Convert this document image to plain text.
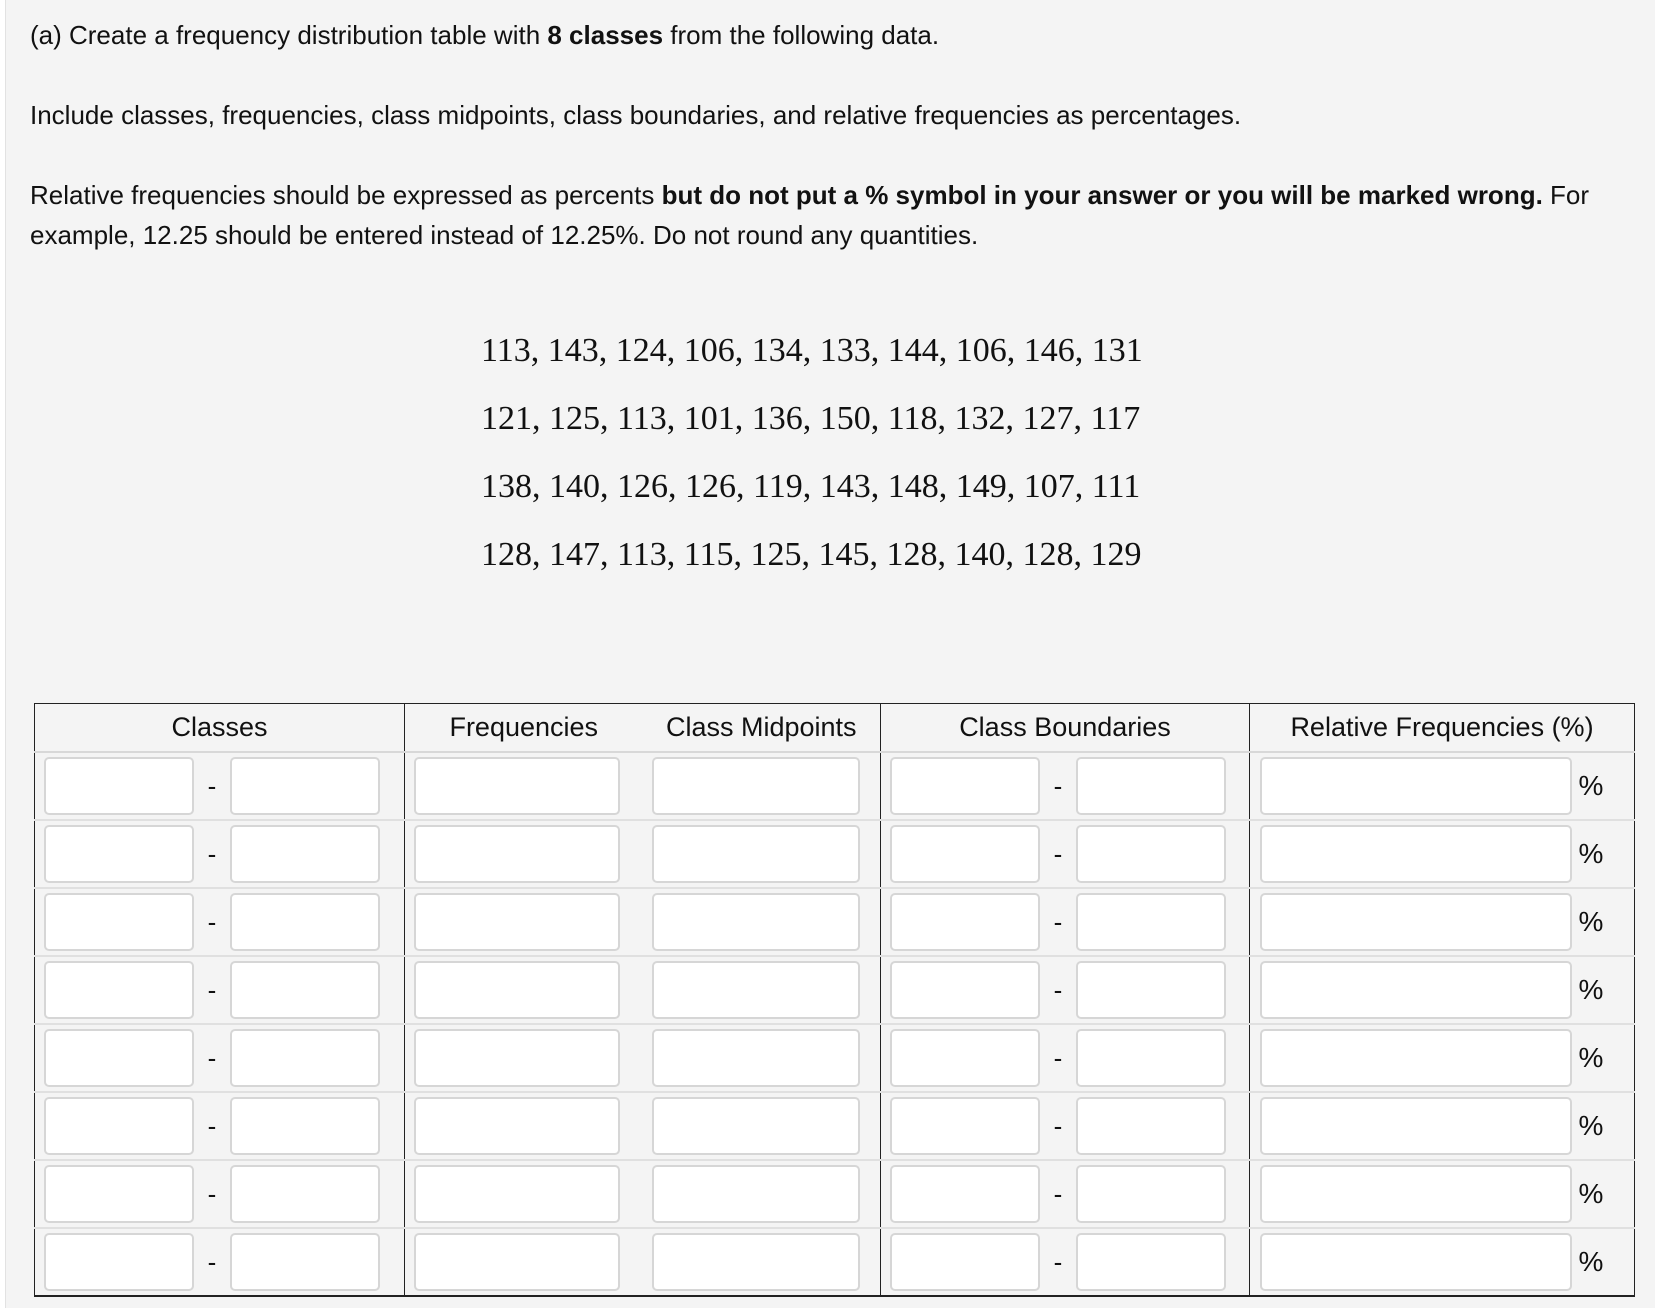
(a) Create a frequency distribution table with 8 classes from the following data.

Include classes, frequencies, class midpoints, class boundaries, and relative frequencies as percentages.

Relative frequencies should be expressed as percents but do not put a % symbol in your answer or you will be marked wrong. For example, 12.25 should be entered instead of 12.25%. Do not round any quantities.

113, 143, 124, 106, 134, 133, 144, 106, 146, 131
121, 125, 113, 101, 136, 150, 118, 132, 127, 117
138, 140, 126, 126, 119, 143, 148, 149, 107, 111
128, 147, 113, 115, 125, 145, 128, 140, 128, 129
Classes	Frequencies	Class Midpoints	Class Boundaries	Relative Frequencies (%)

-			-	%

-			-	%

-			-	%

-			-	%

-			-	%

-			-	%

-			-	%

-			-	%
